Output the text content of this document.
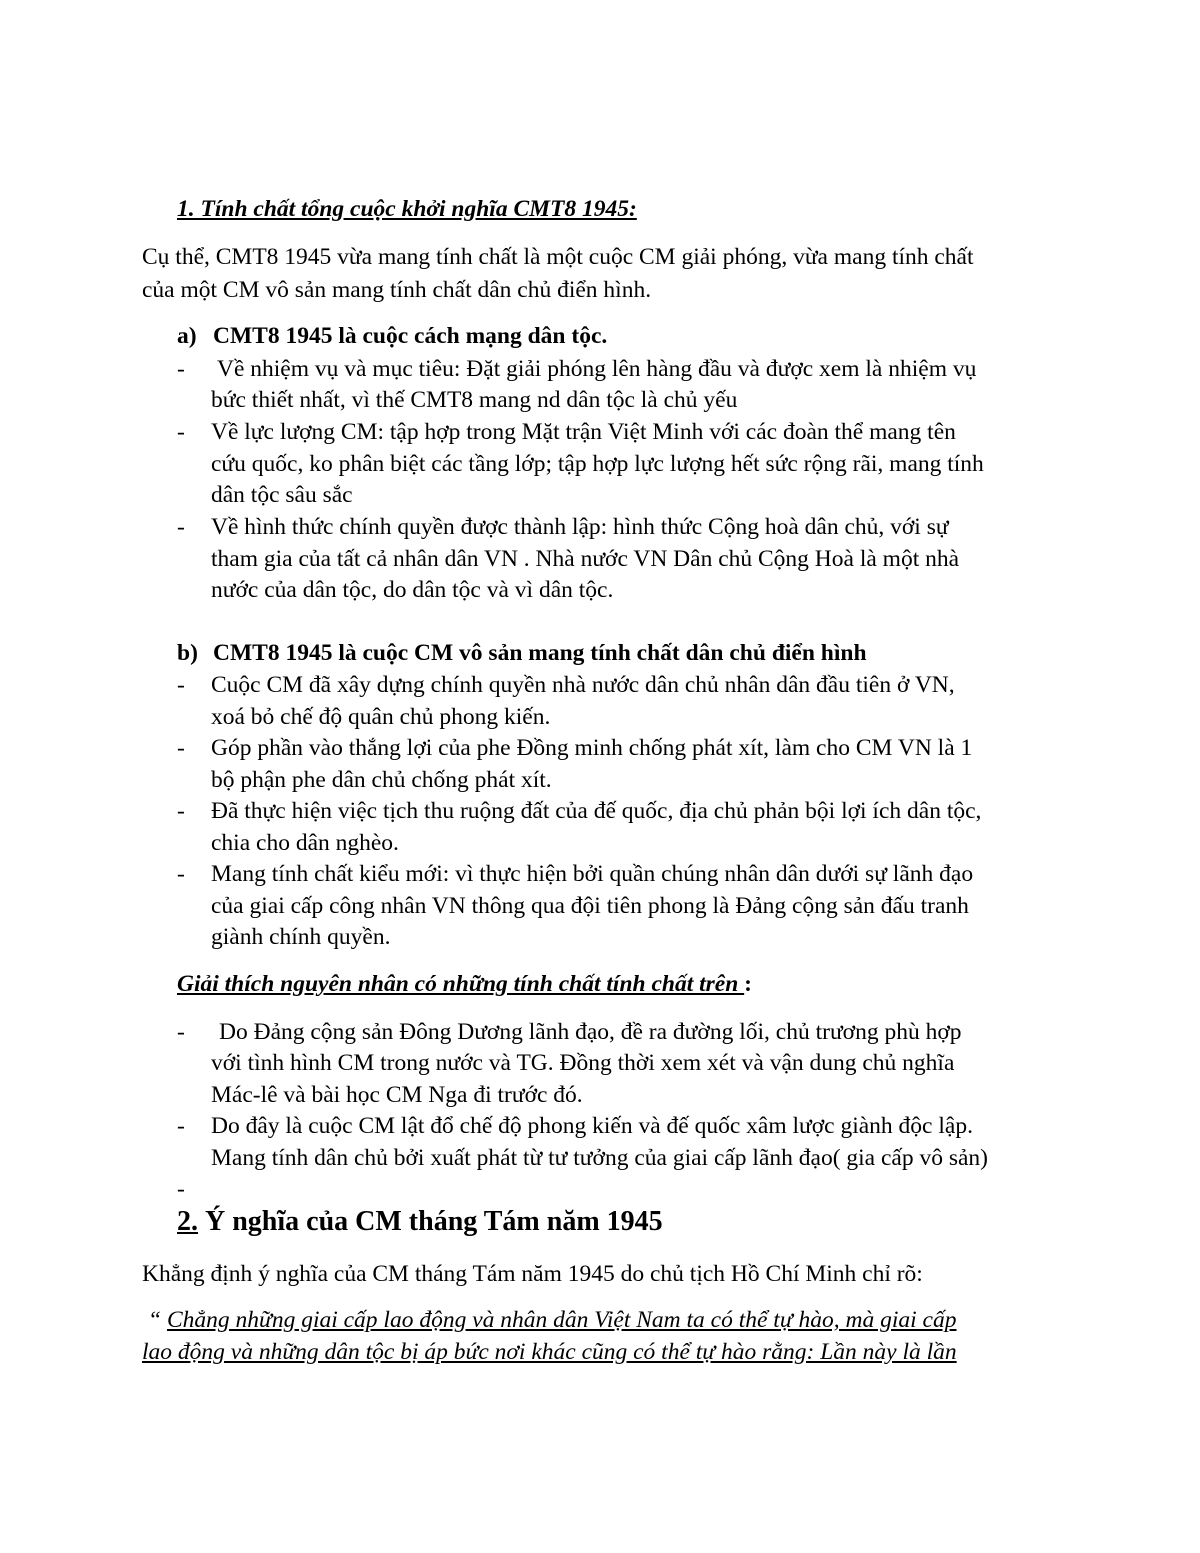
1. Tính chất tổng cuộc khởi nghĩa CMT8 1945:
Cụ thể, CMT8 1945 vừa mang tính chất là một cuộc CM giải phóng, vừa mang tính chất
của một CM vô sản mang tính chất dân chủ điển hình.
a) CMT8 1945 là cuộc cách mạng dân tộc.
- Về nhiệm vụ và mục tiêu: Đặt giải phóng lên hàng đầu và được xem là nhiệm vụ
bức thiết nhất, vì thế CMT8 mang nd dân tộc là chủ yếu
- Về lực lượng CM: tập hợp trong Mặt trận Việt Minh với các đoàn thể mang tên
cứu quốc, ko phân biệt các tầng lớp; tập hợp lực lượng hết sức rộng rãi, mang tính
dân tộc sâu sắc
- Về hình thức chính quyền được thành lập: hình thức Cộng hoà dân chủ, với sự
tham gia của tất cả nhân dân VN . Nhà nước VN Dân chủ Cộng Hoà là một nhà
nước của dân tộc, do dân tộc và vì dân tộc.
b) CMT8 1945 là cuộc CM vô sản mang tính chất dân chủ điển hình
- Cuộc CM đã xây dựng chính quyền nhà nước dân chủ nhân dân đầu tiên ở VN,
xoá bỏ chế độ quân chủ phong kiến.
- Góp phần vào thắng lợi của phe Đồng minh chống phát xít, làm cho CM VN là 1
bộ phận phe dân chủ chống phát xít.
- Đã thực hiện việc tịch thu ruộng đất của đế quốc, địa chủ phản bội lợi ích dân tộc,
chia cho dân nghèo.
- Mang tính chất kiểu mới: vì thực hiện bởi quần chúng nhân dân dưới sự lãnh đạo
của giai cấp công nhân VN thông qua đội tiên phong là Đảng cộng sản đấu tranh
giành chính quyền.
Giải thích nguyên nhân có những tính chất tính chất trên :
- Do Đảng cộng sản Đông Dương lãnh đạo, đề ra đường lối, chủ trương phù hợp
với tình hình CM trong nước và TG. Đồng thời xem xét và vận dung chủ nghĩa
Mác-lê và bài học CM Nga đi trước đó.
- Do đây là cuộc CM lật đổ chế độ phong kiến và đế quốc xâm lược giành độc lập.
Mang tính dân chủ bởi xuất phát từ tư tưởng của giai cấp lãnh đạo( gia cấp vô sản)
-
2. Ý nghĩa của CM tháng Tám năm 1945
Khẳng định ý nghĩa của CM tháng Tám năm 1945 do chủ tịch Hồ Chí Minh chỉ rõ:
“ Chẳng những giai cấp lao động và nhân dân Việt Nam ta có thể tự hào, mà giai cấp
lao động và những dân tộc bị áp bức nơi khác cũng có thể tự hào rằng: Lần này là lần
